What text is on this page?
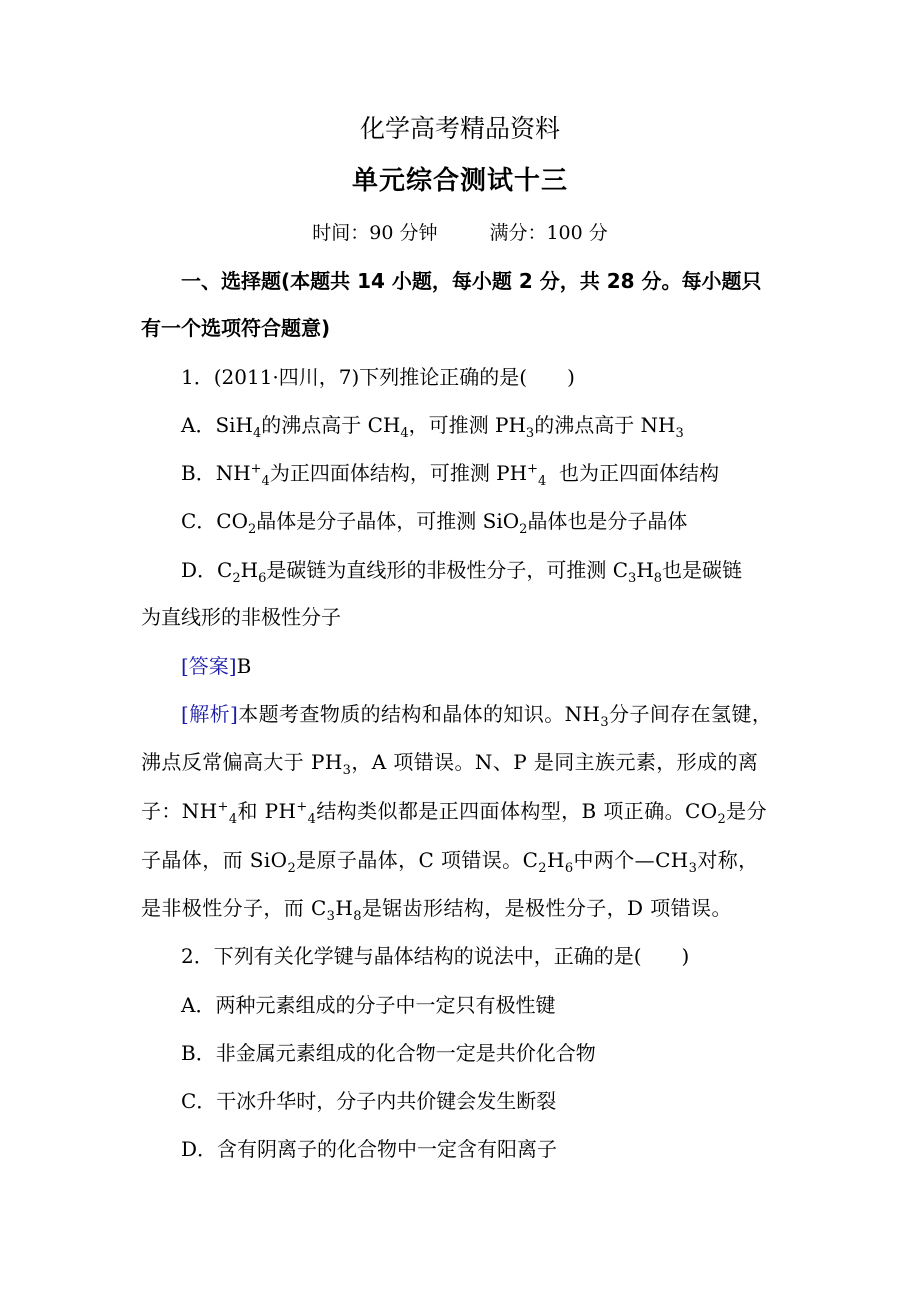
化学高考精品资料
单元综合测试十三
时间：90 分钟	满分：100 分
一、选择题(本题共 14 小题，每小题 2 分，共 28 分。每小题只
有一个选项符合题意)
1．(2011·四川，7)下列推论正确的是(　　)
A．SiH$_4$的沸点高于 $CH_4$，可推测 $PH_3$的沸点高于 $NH_3$
B．$NH^+_4$为正四面体结构，可推测 $PH^+_4$ 也为正四面体结构
C．$CO_2$晶体是分子晶体，可推测 SiO$_2$晶体也是分子晶体
D．$C_2H_6$是碳链为直线形的非极性分子，可推测 $C_3H_8$也是碳链
为直线形的非极性分子
[答案]B
[解析]本题考查物质的结构和晶体的知识。$NH_3$分子间存在氢键，
沸点反常偏高大于 $PH_3$，A 项错误。N、P 是同主族元素，形成的离
子：$NH^+_4$和 $PH^+_4$结构类似都是正四面体构型，B 项正确。$CO_2$是分
子晶体，而 SiO$_2$是原子晶体，C 项错误。$C_2H_6$中两个$—CH_3$对称，
是非极性分子，而 $C_3H_8$是锯齿形结构，是极性分子，D 项错误。
2．下列有关化学键与晶体结构的说法中，正确的是(　　)
A．两种元素组成的分子中一定只有极性键
B．非金属元素组成的化合物一定是共价化合物
C．干冰升华时，分子内共价键会发生断裂
D．含有阴离子的化合物中一定含有阳离子
